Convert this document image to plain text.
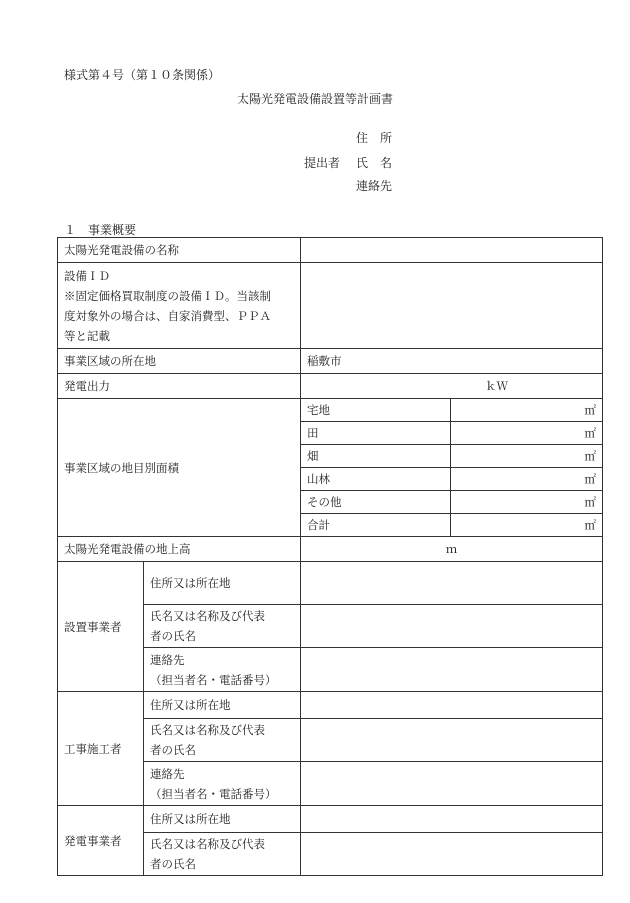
様式第４号（第１０条関係）
太陽光発電設備設置等計画書
住　所
提出者 氏　名
連絡先
１　事業概要
太陽光発電設備の名称			

設備ＩＤ
※固定価格買取制度の設備ＩＤ。当該制
度対象外の場合は、自家消費型、ＰＰＡ
等と記載			

事業区域の所在地		稲敷市	
発電出力		ｋＷ	
事業区域の地目別面積		宅地	㎡
		田	㎡
		畑	㎡
		山林	㎡
		その他	㎡
		合計	㎡
太陽光発電設備の地上高		ｍ	
設置事業者	住所又は所在地		

	氏名又は名称及び代表
者の氏名		

	連絡先
（担当者名・電話番号）		

工事施工者	住所又は所在地		

	氏名又は名称及び代表
者の氏名		

	連絡先
（担当者名・電話番号）		

発電事業者	住所又は所在地		

	氏名又は名称及び代表
者の氏名		
